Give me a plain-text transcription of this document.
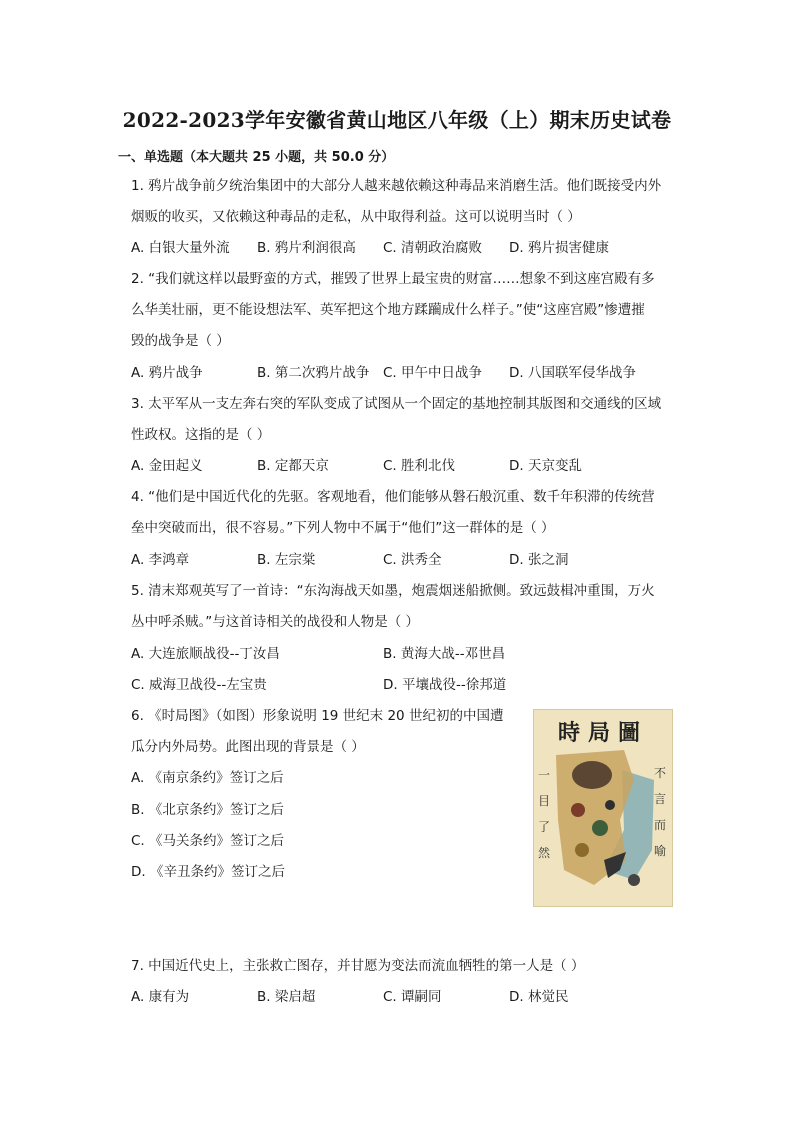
2022-2023学年安徽省黄山地区八年级（上）期末历史试卷
一、单选题（本大题共 25 小题，共 50.0 分）
1. 鸦片战争前夕统治集团中的大部分人越来越依赖这种毒品来消磨生活。他们既接受内外
烟贩的收买，又依赖这种毒品的走私，从中取得利益。这可以说明当时（ ）
A. 白银大量外流 B. 鸦片利润很高 C. 清朝政治腐败 D. 鸦片损害健康
2. “我们就这样以最野蛮的方式，摧毁了世界上最宝贵的财富……想象不到这座宫殿有多
么华美壮丽，更不能设想法军、英军把这个地方蹂躏成什么样子。”使“这座宫殿”惨遭摧
毁的战争是（ ）
A. 鸦片战争	B. 第二次鸦片战争 C. 甲午中日战争 D. 八国联军侵华战争
3. 太平军从一支左奔右突的军队变成了试图从一个固定的基地控制其版图和交通线的区域
性政权。这指的是（ ）
A. 金田起义	B. 定都天京	C. 胜利北伐	D. 天京变乱
4. “他们是中国近代化的先驱。客观地看，他们能够从磐石般沉重、数千年积滞的传统营
垒中突破而出，很不容易。”下列人物中不属于“他们”这一群体的是（ ）
A. 李鸿章	B. 左宗棠	C. 洪秀全	D. 张之洞
5. 清末郑观英写了一首诗：“东沟海战天如墨，炮震烟迷船掀侧。致远鼓楫冲重围，万火
丛中呼杀贼。”与这首诗相关的战役和人物是（ ）
A. 大连旅顺战役--丁汝昌	B. 黄海大战--邓世昌
C. 威海卫战役--左宝贵	D. 平壤战役--徐邦道
6. 《时局图》（如图）形象说明 19 世纪末 20 世纪初的中国遭
瓜分内外局势。此图出现的背景是（ ）
A. 《南京条约》签订之后
B. 《北京条约》签订之后
C. 《马关条约》签订之后
D. 《辛丑条约》签订之后
時局圖
一目了然
不言而喻
7. 中国近代史上，主张救亡图存，并甘愿为变法而流血牺牲的第一人是（ ）
A. 康有为	B. 梁启超	C. 谭嗣同	D. 林觉民
